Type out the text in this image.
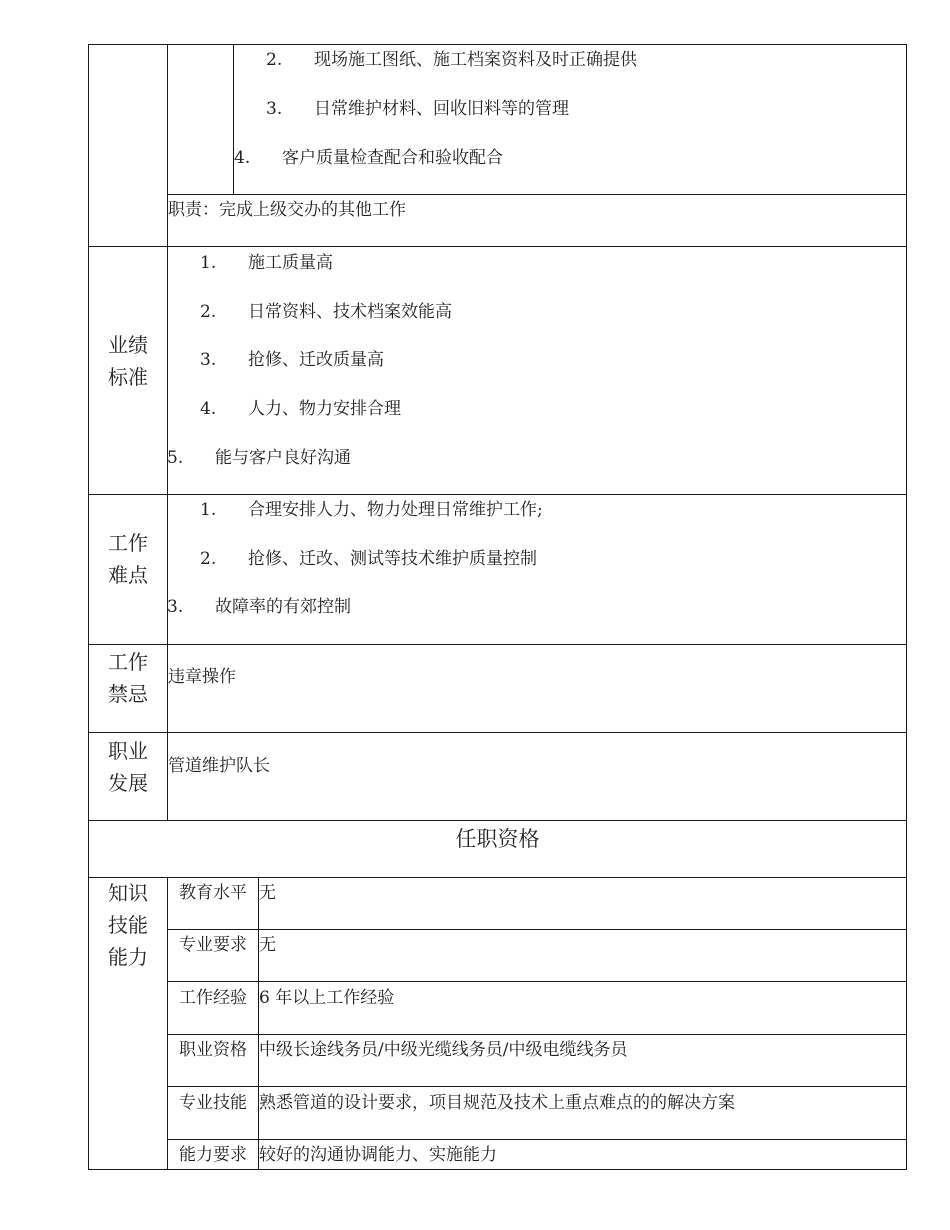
2. 现场施工图纸、施工档案资料及时正确提供
3. 日常维护材料、回收旧料等的管理
4. 客户质量检查配合和验收配合
职责：完成上级交办的其他工作
业绩
标准
1. 施工质量高
2. 日常资料、技术档案效能高
3. 抢修、迁改质量高
4. 人力、物力安排合理
5. 能与客户良好沟通
工作
难点
1. 合理安排人力、物力处理日常维护工作;
2. 抢修、迁改、测试等技术维护质量控制
3. 故障率的有郊控制
工作
禁忌
违章操作
职业
发展
管道维护队长
任职资格
知识
技能
能力
教育水平 无
专业要求 无
工作经验 6 年以上工作经验
职业资格 中级长途线务员/中级光缆线务员/中级电缆线务员
专业技能 熟悉管道的设计要求，项目规范及技术上重点难点的的解决方案
能力要求 较好的沟通协调能力、实施能力
